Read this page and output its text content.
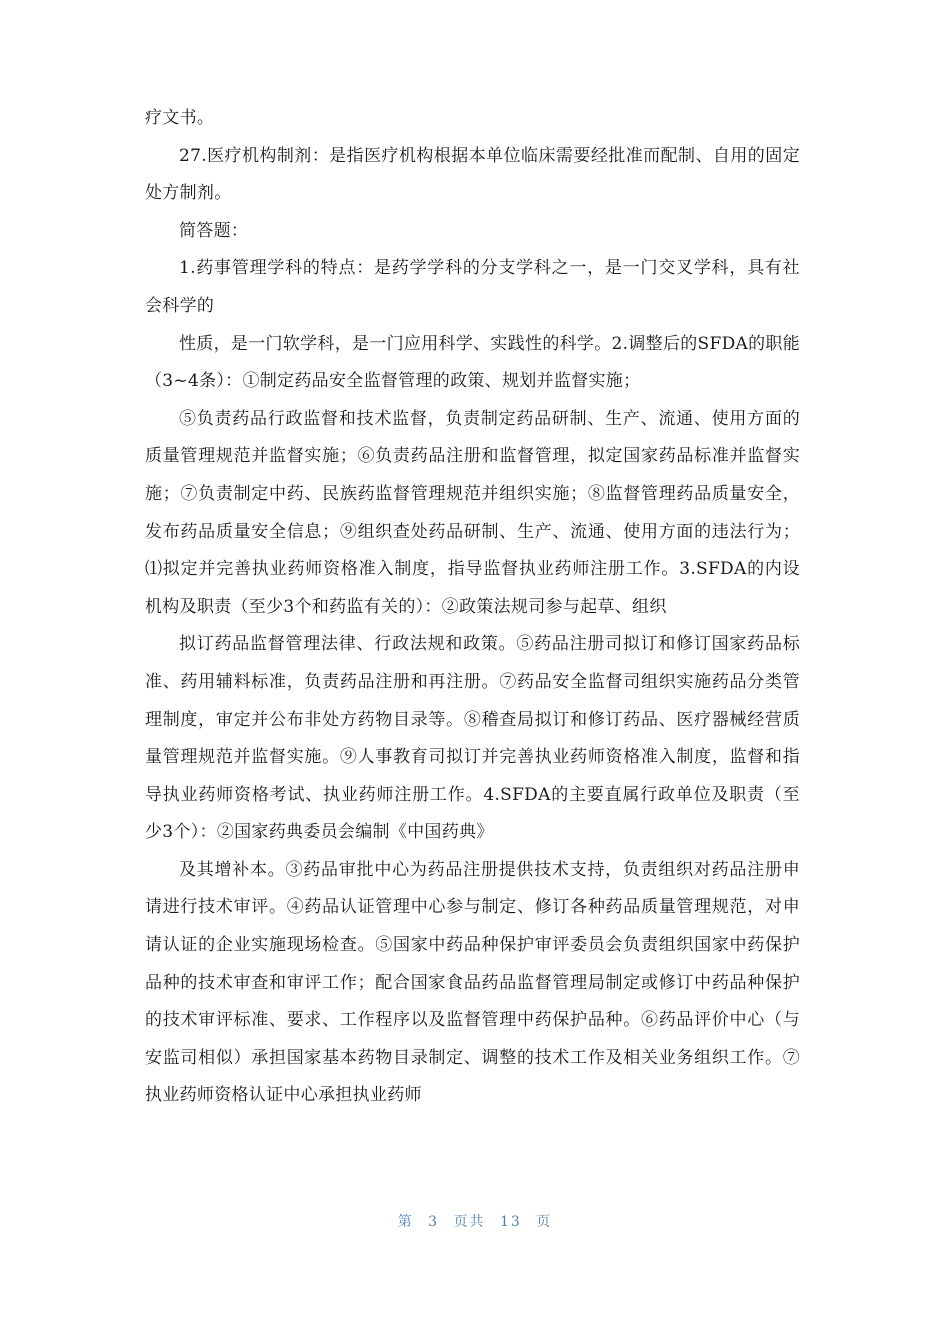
疗文书。

27.医疗机构制剂：是指医疗机构根据本单位临床需要经批准而配制、自用的固定处方制剂。

简答题：

1.药事管理学科的特点：是药学学科的分支学科之一，是一门交叉学科，具有社会科学的

性质，是一门软学科，是一门应用科学、实践性的科学。2.调整后的SFDA的职能（3~4条）：①制定药品安全监督管理的政策、规划并监督实施；

⑤负责药品行政监督和技术监督，负责制定药品研制、生产、流通、使用方面的质量管理规范并监督实施；⑥负责药品注册和监督管理，拟定国家药品标准并监督实施；⑦负责制定中药、民族药监督管理规范并组织实施；⑧监督管理药品质量安全，发布药品质量安全信息；⑨组织查处药品研制、生产、流通、使用方面的违法行为；⑴拟定并完善执业药师资格准入制度，指导监督执业药师注册工作。3.SFDA的内设机构及职责（至少3个和药监有关的）：②政策法规司参与起草、组织

拟订药品监督管理法律、行政法规和政策。⑤药品注册司拟订和修订国家药品标准、药用辅料标准，负责药品注册和再注册。⑦药品安全监督司组织实施药品分类管理制度，审定并公布非处方药物目录等。⑧稽查局拟订和修订药品、医疗器械经营质量管理规范并监督实施。⑨人事教育司拟订并完善执业药师资格准入制度，监督和指导执业药师资格考试、执业药师注册工作。4.SFDA的主要直属行政单位及职责（至少3个）：②国家药典委员会编制《中国药典》

及其增补本。③药品审批中心为药品注册提供技术支持，负责组织对药品注册申请进行技术审评。④药品认证管理中心参与制定、修订各种药品质量管理规范，对申请认证的企业实施现场检查。⑤国家中药品种保护审评委员会负责组织国家中药保护品种的技术审查和审评工作；配合国家食品药品监督管理局制定或修订中药品种保护的技术审评标准、要求、工作程序以及监督管理中药保护品种。⑥药品评价中心（与安监司相似）承担国家基本药物目录制定、调整的技术工作及相关业务组织工作。⑦执业药师资格认证中心承担执业药师

第 3 页共 13 页
